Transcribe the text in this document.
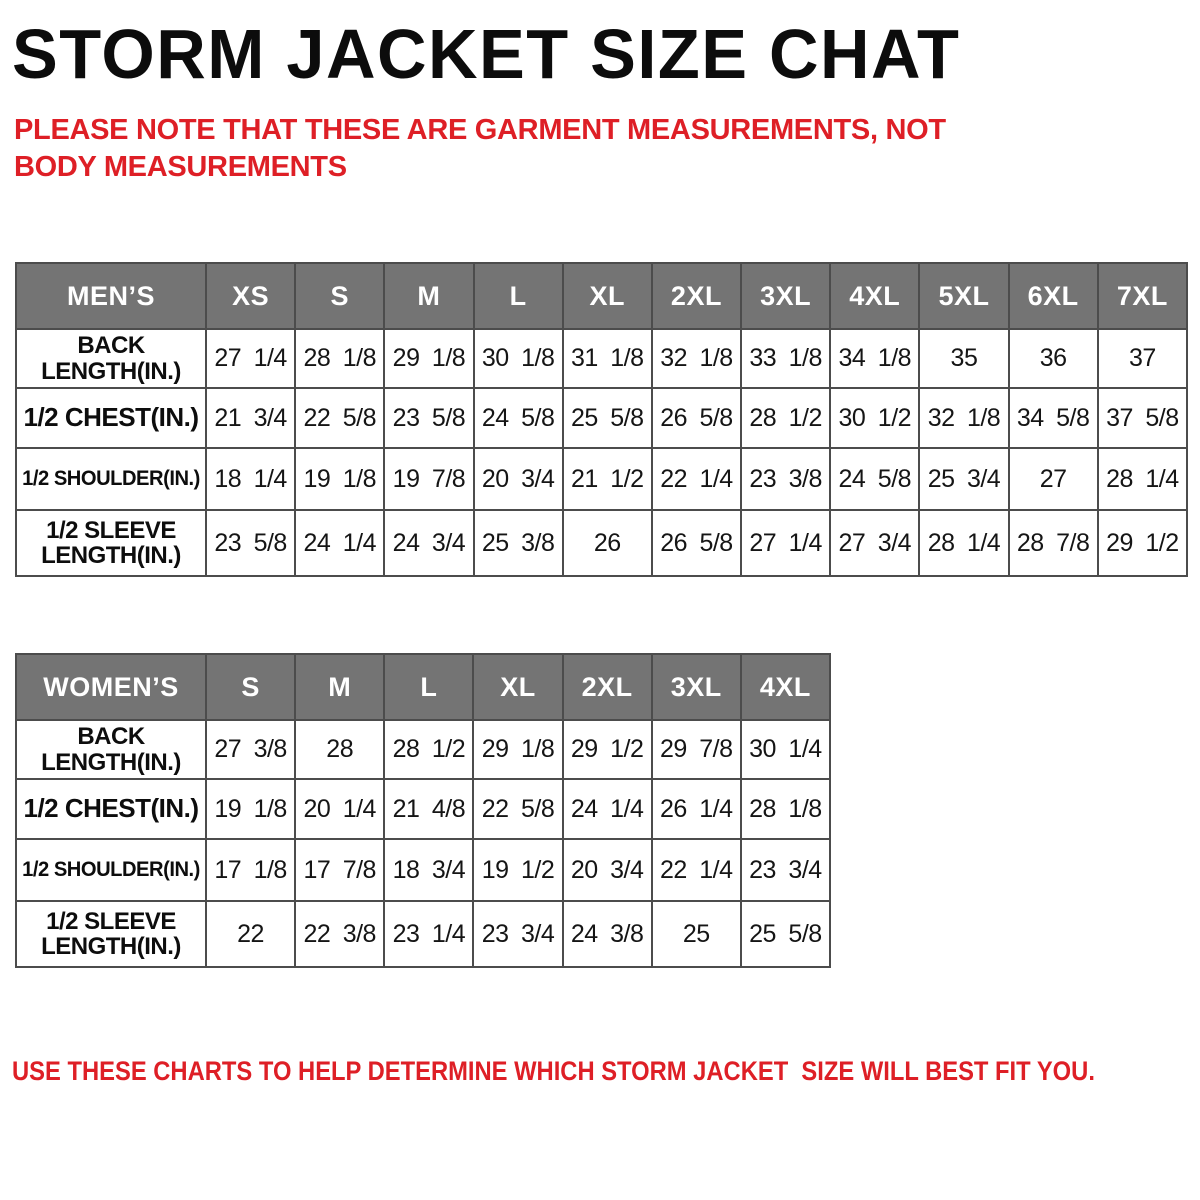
STORM JACKET SIZE CHAT
PLEASE NOTE THAT THESE ARE GARMENT MEASUREMENTS, NOT BODY MEASUREMENTS
MEN’S	XS	S	M	L	XL	2XL	3XL	4XL	5XL	6XL	7XL

BACK
LENGTH(IN.)	27 1/4	28 1/8	29 1/8	30 1/8	31 1/8	32 1/8	33 1/8	34 1/8	35	36	37

1/2 CHEST(IN.)	21 3/4	22 5/8	23 5/8	24 5/8	25 5/8	26 5/8	28 1/2	30 1/2	32 1/8	34 5/8	37 5/8

1/2 SHOULDER(IN.)	18 1/4	19 1/8	19 7/8	20 3/4	21 1/2	22 1/4	23 3/8	24 5/8	25 3/4	27	28 1/4

1/2 SLEEVE
LENGTH(IN.)	23 5/8	24 1/4	24 3/4	25 3/8	26	26 5/8	27 1/4	27 3/4	28 1/4	28 7/8	29 1/2
WOMEN’S	S	M	L	XL	2XL	3XL	4XL

BACK
LENGTH(IN.)	27 3/8	28	28 1/2	29 1/8	29 1/2	29 7/8	30 1/4

1/2 CHEST(IN.)	19 1/8	20 1/4	21 4/8	22 5/8	24 1/4	26 1/4	28 1/8

1/2 SHOULDER(IN.)	17 1/8	17 7/8	18 3/4	19 1/2	20 3/4	22 1/4	23 3/4

1/2 SLEEVE
LENGTH(IN.)	22	22 3/8	23 1/4	23 3/4	24 3/8	25	25 5/8
USE THESE CHARTS TO HELP DETERMINE WHICH STORM JACKET  SIZE WILL BEST FIT YOU.
